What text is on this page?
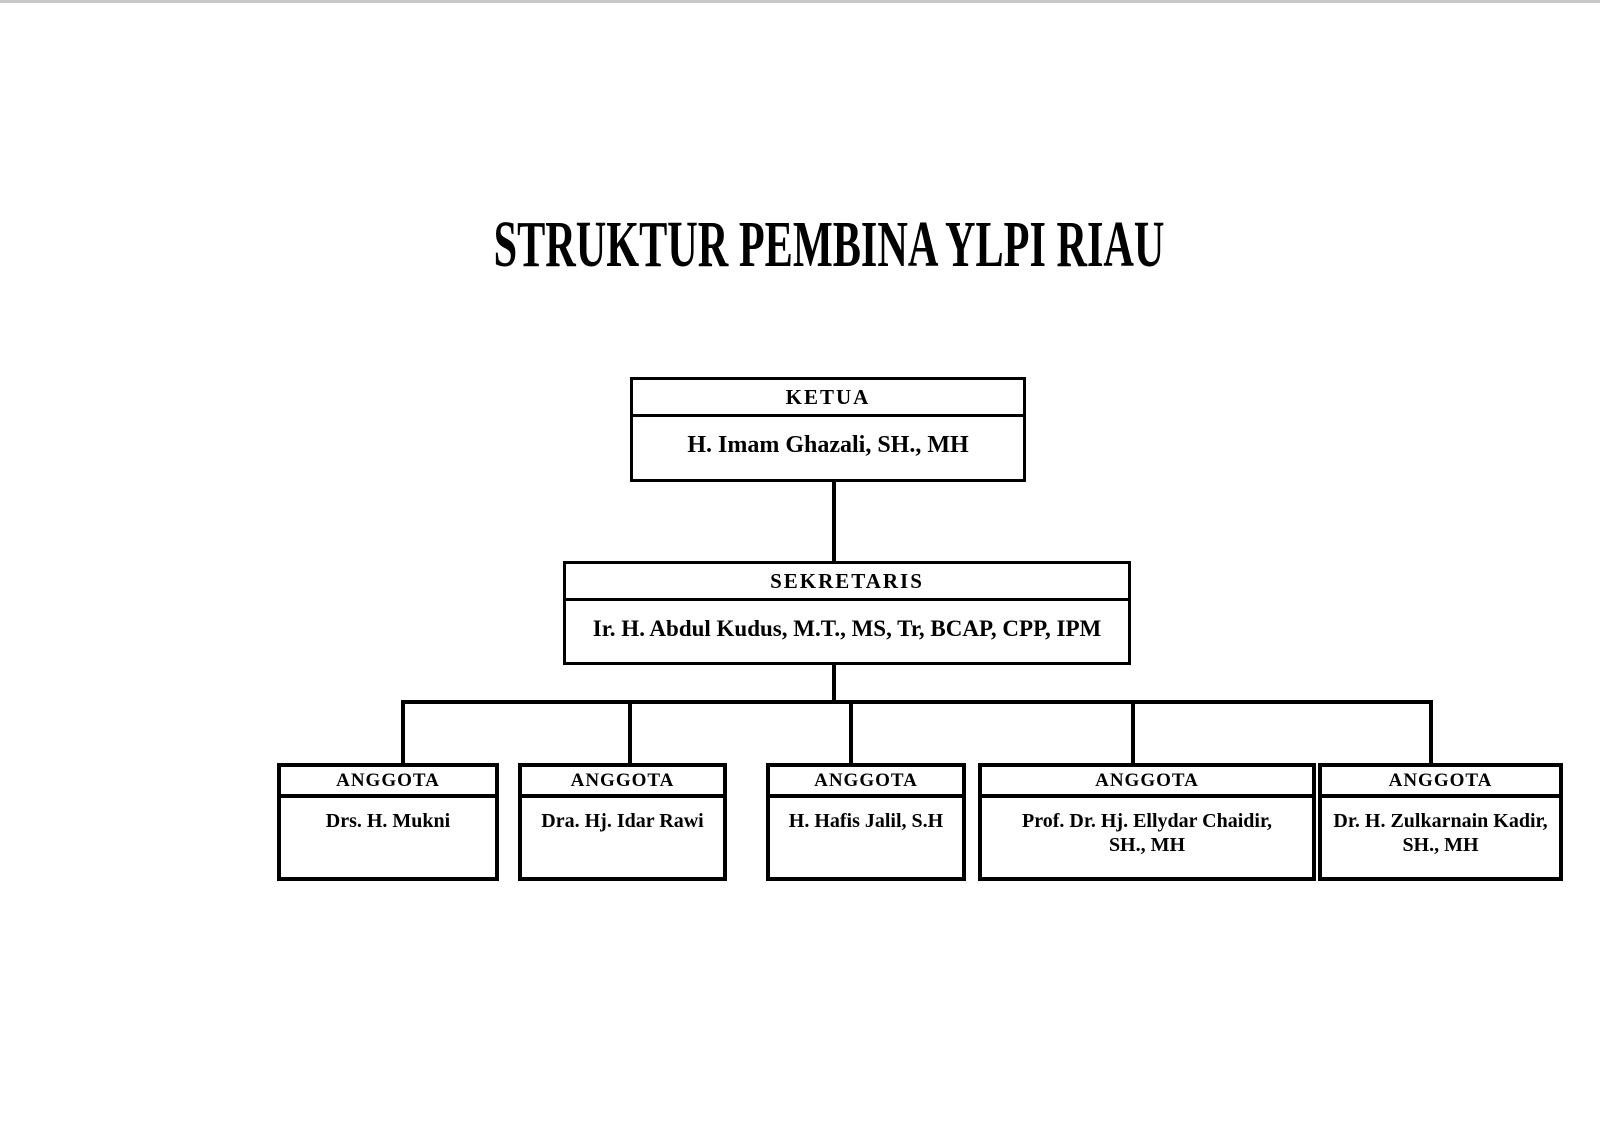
STRUKTUR PEMBINA YLPI RIAU
KETUA
H. Imam Ghazali, SH., MH
SEKRETARIS
Ir. H. Abdul Kudus, M.T., MS, Tr, BCAP, CPP, IPM
ANGGOTA
Drs. H. Mukni
ANGGOTA
Dra. Hj. Idar Rawi
ANGGOTA
H. Hafis Jalil, S.H
ANGGOTA
Prof. Dr. Hj. Ellydar Chaidir, SH., MH
ANGGOTA
Dr. H. Zulkarnain Kadir, SH., MH
